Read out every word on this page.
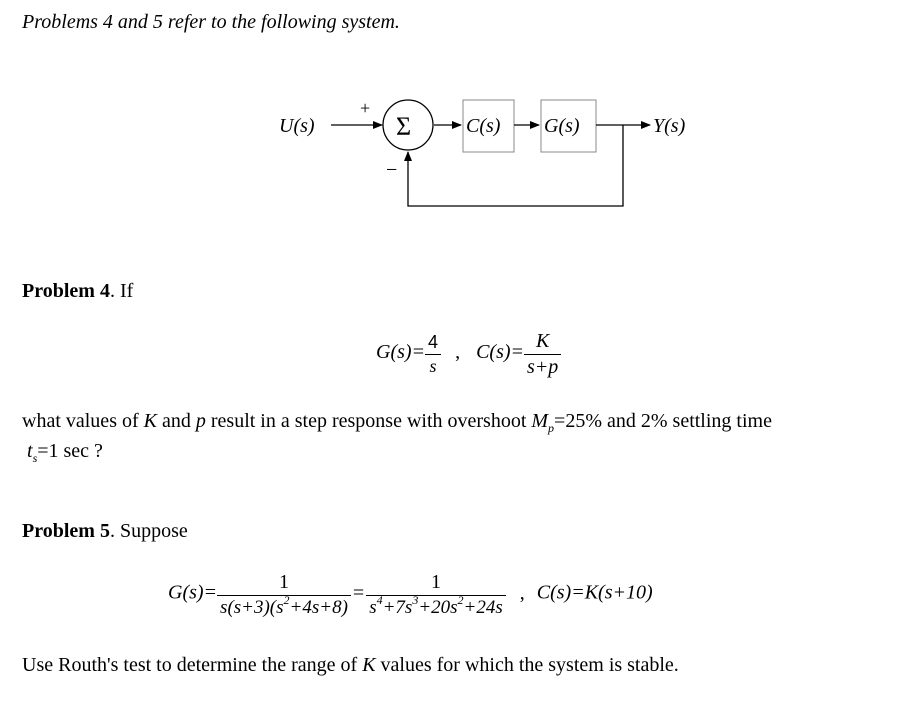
Problems 4 and 5 refer to the following system.
U(s)
+
−
Σ	C(s) G(s)	Y(s)
Problem 4. If
$G(s)= \frac{4}{s}$ , $C(s)= \frac{K}{s+p}$
what values of K and p result in a step response with overshoot $M_p=25\%$ and 2% settling time
$t_s=1$ sec ?
Problem 5. Suppose
$G(s)= \frac{1}{s(s+3)(s^2+4s+8)} = \frac{1}{s^4+7s^3+20s^2+24s}$ , C(s)=K(s+10)
Use Routh's test to determine the range of K values for which the system is stable.
